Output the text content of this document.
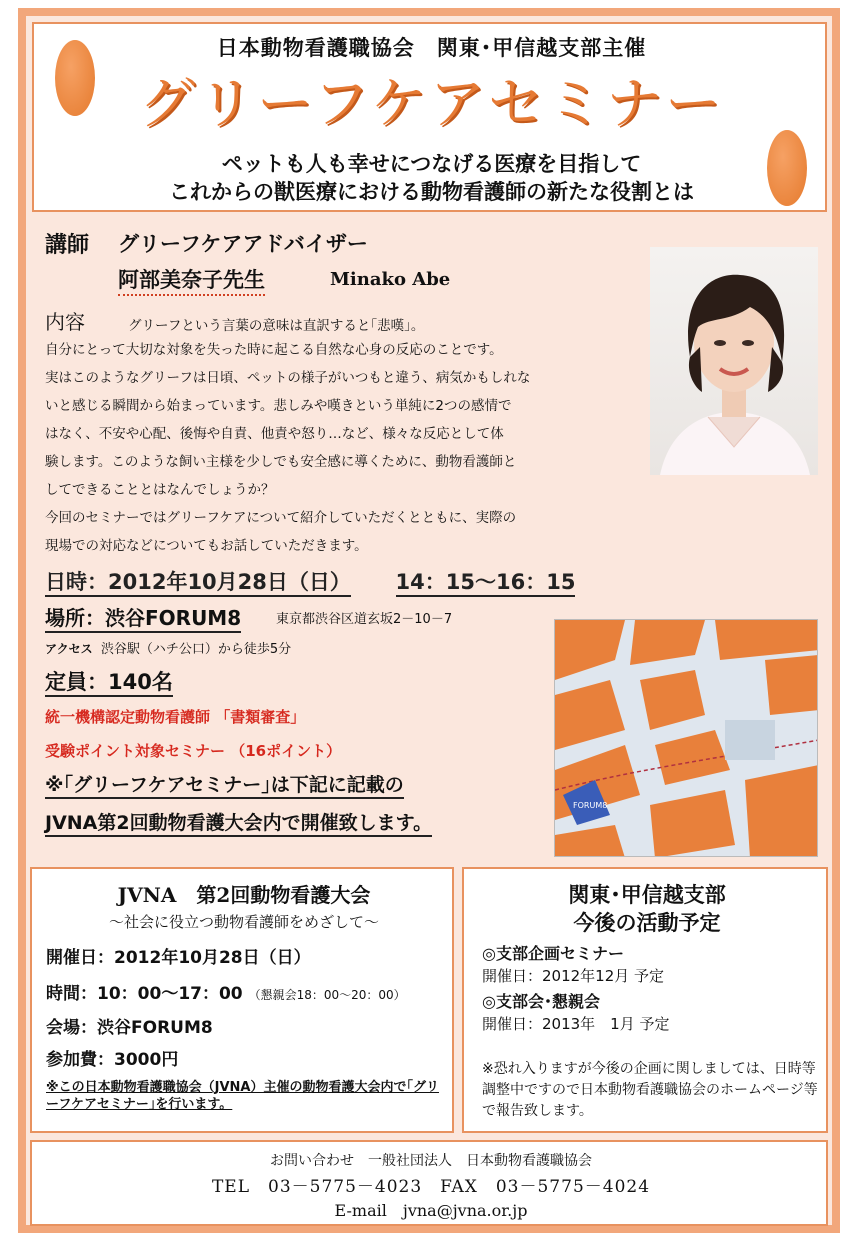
日本動物看護職協会　関東･甲信越支部主催
グリーフケアセミナー
ペットも人も幸せにつなげる医療を目指して
これからの獣医療における動物看護師の新たな役割とは
講師 グリーフケアアドバイザー
阿部美奈子先生	Minako Abe
内容	グリーフという言葉の意味は直訳すると｢悲嘆｣。
自分にとって大切な対象を失った時に起こる自然な心身の反応のことです。
実はこのようなグリーフは日頃、ペットの様子がいつもと違う、病気かもしれな
いと感じる瞬間から始まっています。悲しみや嘆きという単純に2つの感情で
はなく、不安や心配、後悔や自責、他責や怒り…など、様々な反応として体
験します。このような飼い主様を少しでも安全感に導くために、動物看護師と
してできることとはなんでしょうか？
今回のセミナーではグリーフケアについて紹介していただくとともに、実際の
現場での対応などについてもお話していただきます。
日時：2012年10月28日（日） 14：15～16：15
場所：渋谷FORUM8	東京都渋谷区道玄坂2－10－7
アクセス 渋谷駅（ハチ公口）から徒歩5分
定員：140名
統一機構認定動物看護師 「書類審査」
受験ポイント対象セミナー （16ポイント）
※｢グリーフケアセミナー｣は下記に記載の
JVNA第2回動物看護大会内で開催致します。
FORUM8
JVNA　第2回動物看護大会
～社会に役立つ動物看護師をめざして～
開催日：2012年10月28日（日）
時間：10：00～17：00 （懇親会18：00～20：00）
会場：渋谷FORUM8
参加費：3000円
※この日本動物看護職協会（JVNA）主催の動物看護大会内で｢グリーフケアセミナー｣を行います。
関東･甲信越支部
今後の活動予定
◎支部企画セミナー
開催日：2012年12月 予定
◎支部会･懇親会
開催日：2013年　1月 予定
※恐れ入りますが今後の企画に関しましては、日時等調整中ですので日本動物看護職協会のホームページ等で報告致します。
お問い合わせ　一般社団法人　日本動物看護職協会
TEL　03－5775－4023　FAX　03－5775－4024
E-mail　jvna@jvna.or.jp
